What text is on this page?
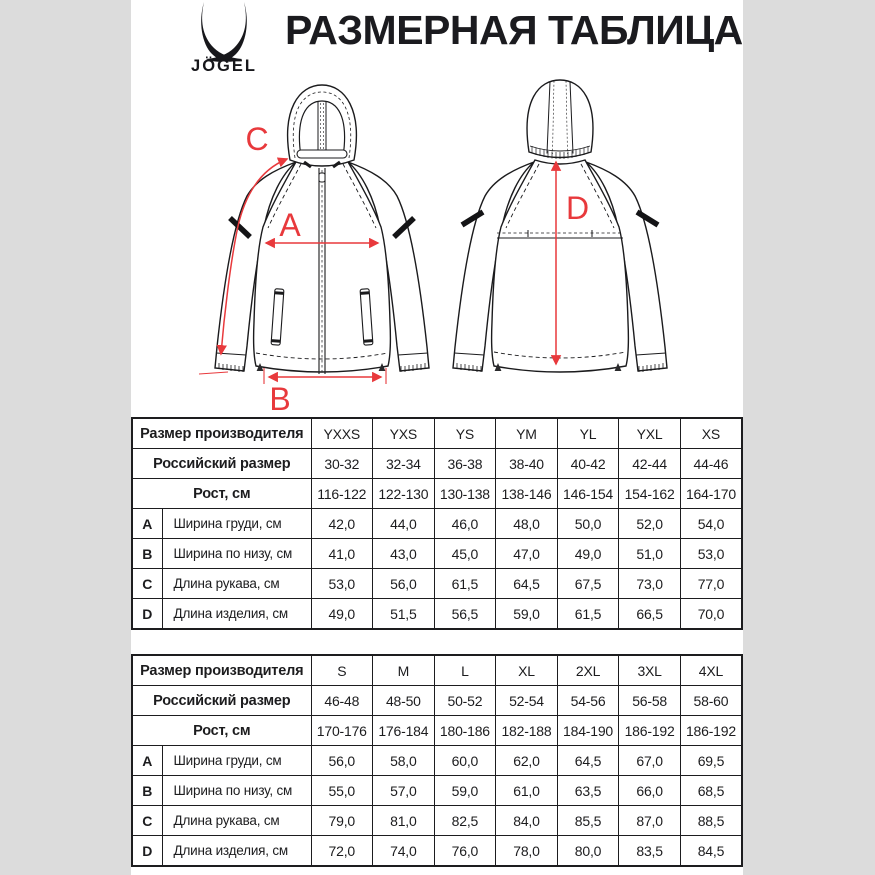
JÖGEL
РАЗМЕРНАЯ ТАБЛИЦА
A
B
C
D
Размер производителя		YXXS	YXS	YS	YM	YL	YXL	XS
Российский размер		30-32	32-34	36-38	38-40	40-42	42-44	44-46
Рост, см		116-122	122-130	130-138	138-146	146-154	154-162	164-170
A	Ширина груди, см	42,0	44,0	46,0	48,0	50,0	52,0	54,0
B	Ширина по низу, см	41,0	43,0	45,0	47,0	49,0	51,0	53,0
C	Длина рукава, см	53,0	56,0	61,5	64,5	67,5	73,0	77,0
D	Длина изделия, см	49,0	51,5	56,5	59,0	61,5	66,5	70,0
Размер производителя		S	M	L	XL	2XL	3XL	4XL
Российский размер		46-48	48-50	50-52	52-54	54-56	56-58	58-60
Рост, см		170-176	176-184	180-186	182-188	184-190	186-192	186-192
A	Ширина груди, см	56,0	58,0	60,0	62,0	64,5	67,0	69,5
B	Ширина по низу, см	55,0	57,0	59,0	61,0	63,5	66,0	68,5
C	Длина рукава, см	79,0	81,0	82,5	84,0	85,5	87,0	88,5
D	Длина изделия, см	72,0	74,0	76,0	78,0	80,0	83,5	84,5
